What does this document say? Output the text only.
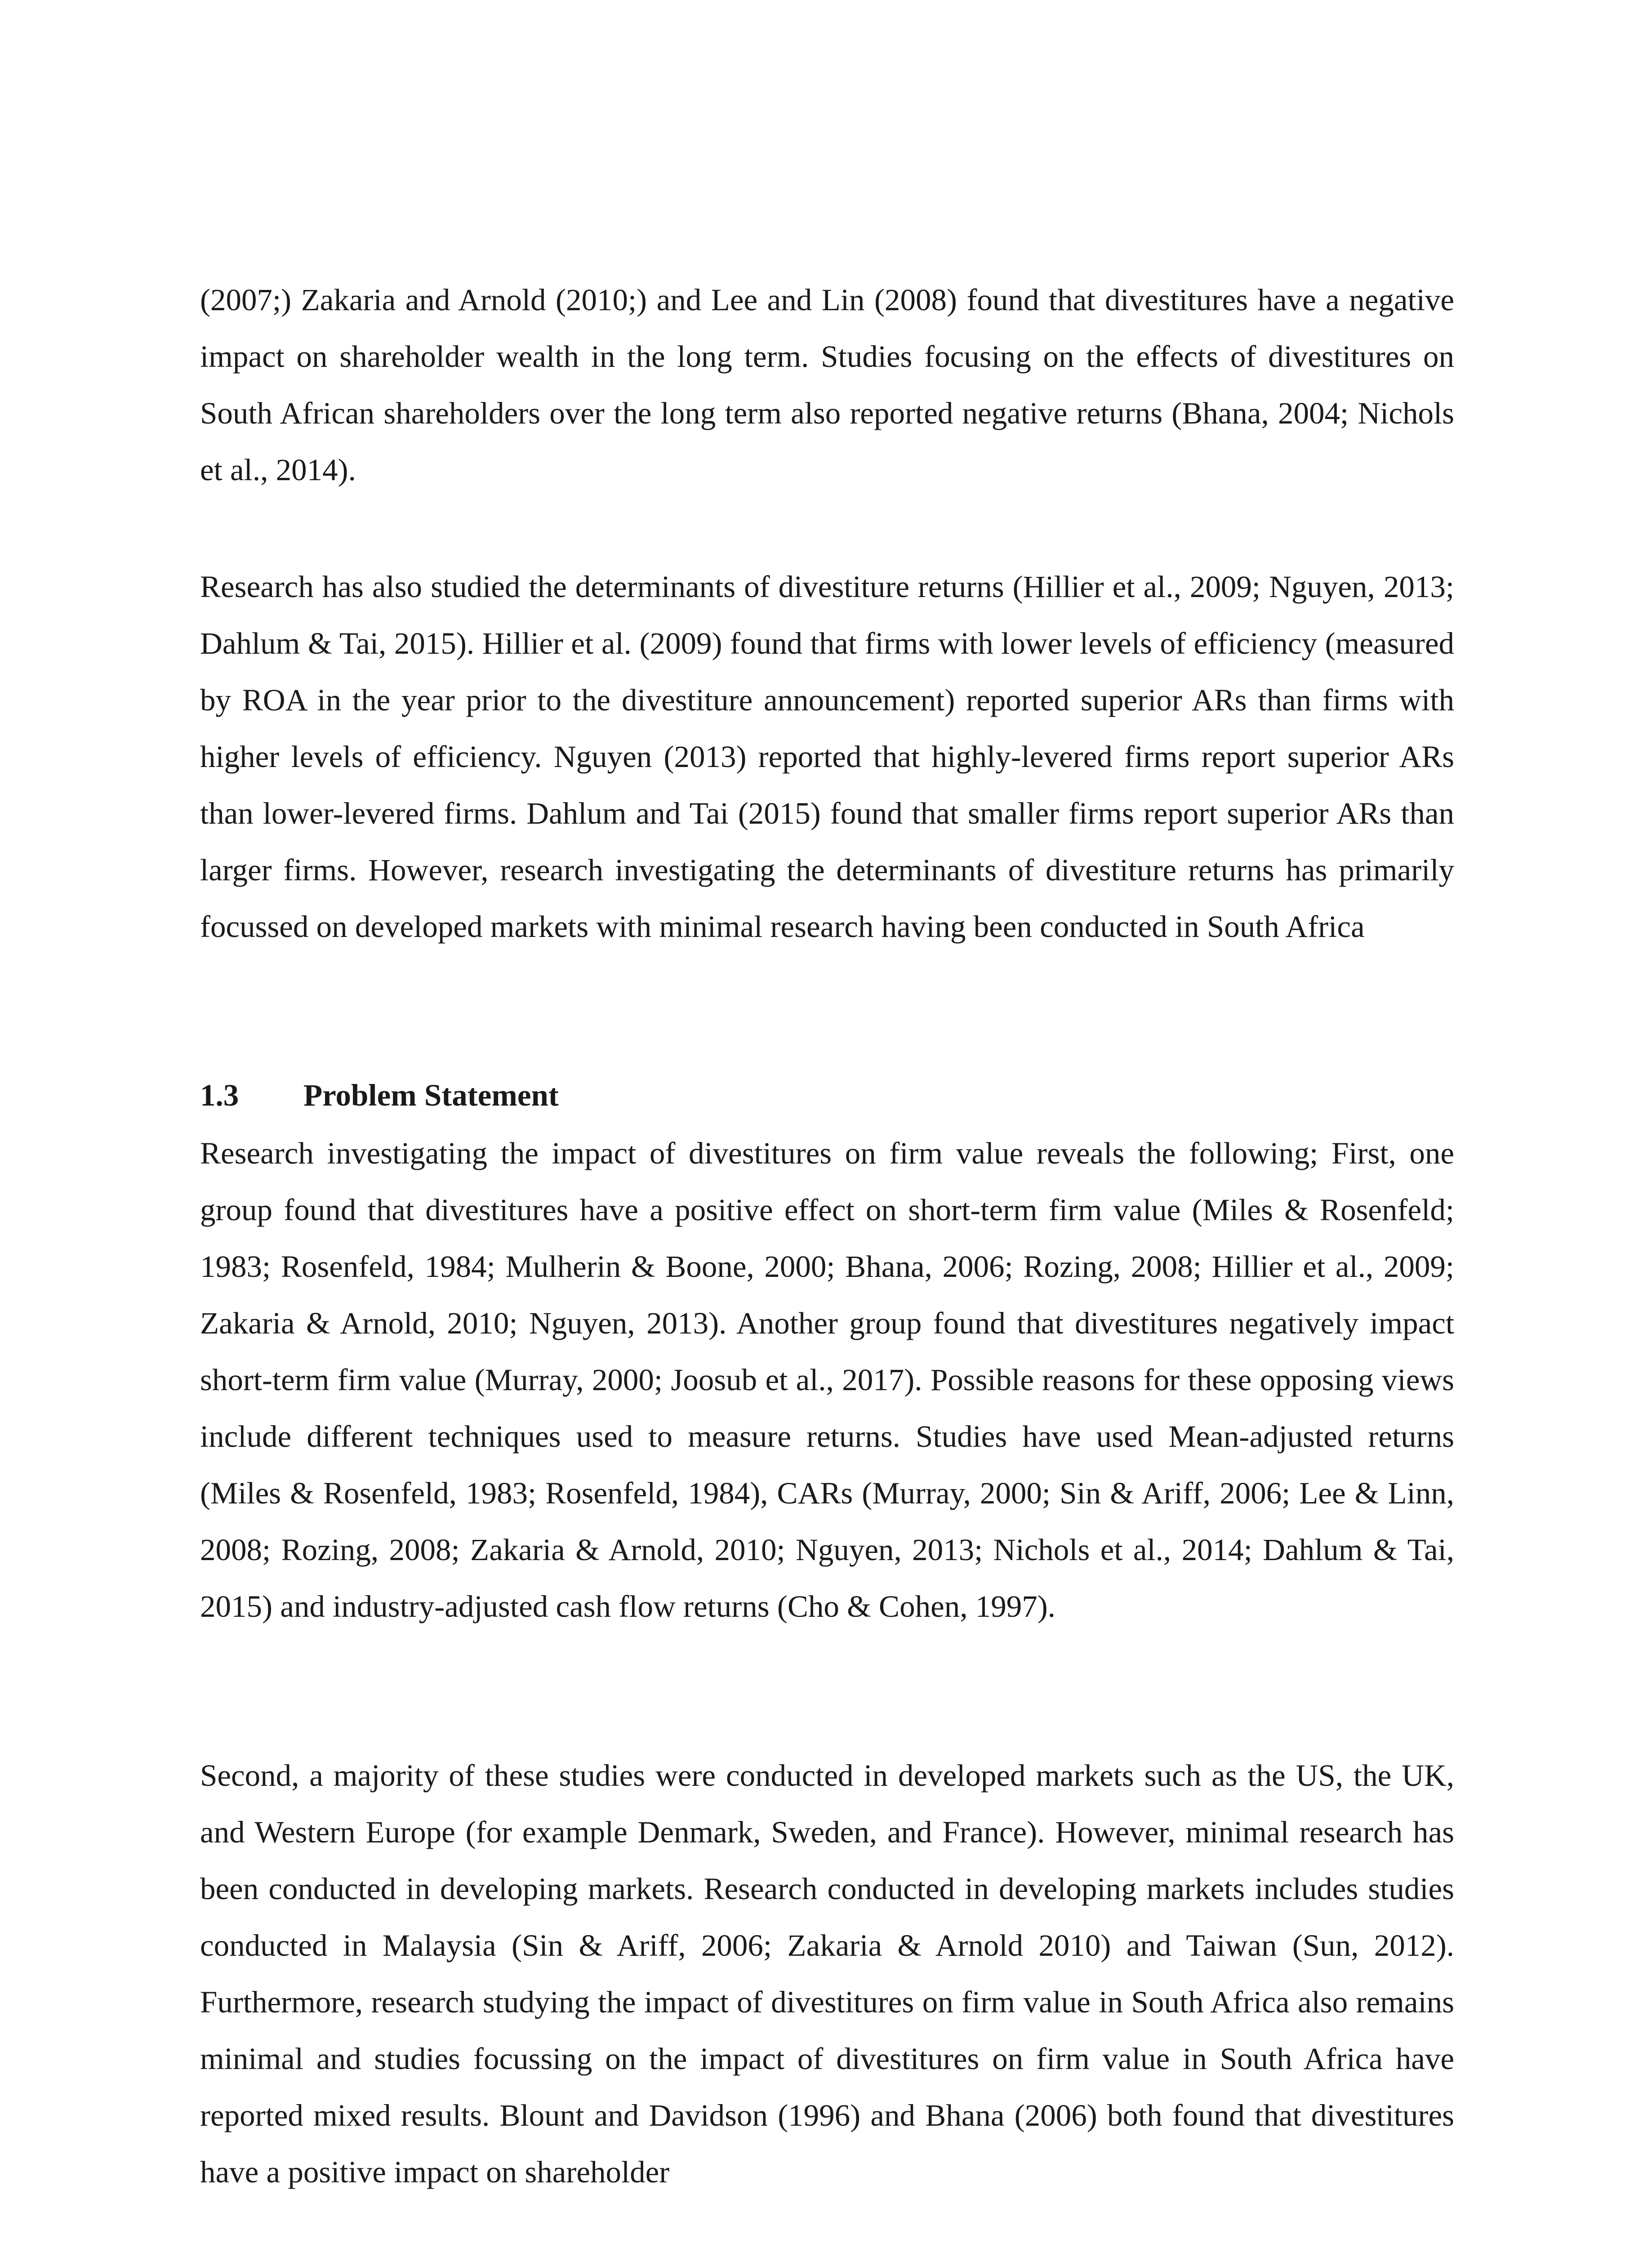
(2007;) Zakaria and Arnold (2010;) and Lee and Lin (2008) found that divestitures have a negative impact on shareholder wealth in the long term. Studies focusing on the effects of divestitures on South African shareholders over the long term also reported negative returns (Bhana, 2004; Nichols et al., 2014).

Research has also studied the determinants of divestiture returns (Hillier et al., 2009; Nguyen, 2013; Dahlum & Tai, 2015). Hillier et al. (2009) found that firms with lower levels of efficiency (measured by ROA in the year prior to the divestiture announcement) reported superior ARs than firms with higher levels of efficiency. Nguyen (2013) reported that highly-levered firms report superior ARs than lower-levered firms. Dahlum and Tai (2015) found that smaller firms report superior ARs than larger firms. However, research investigating the determinants of divestiture returns has primarily focussed on developed markets with minimal research having been conducted in South Africa

1.3 Problem Statement

Research investigating the impact of divestitures on firm value reveals the following; First, one group found that divestitures have a positive effect on short-term firm value (Miles & Rosenfeld; 1983; Rosenfeld, 1984; Mulherin & Boone, 2000; Bhana, 2006; Rozing, 2008; Hillier et al., 2009; Zakaria & Arnold, 2010; Nguyen, 2013). Another group found that divestitures negatively impact short-term firm value (Murray, 2000; Joosub et al., 2017). Possible reasons for these opposing views include different techniques used to measure returns. Studies have used Mean-adjusted returns (Miles & Rosenfeld, 1983; Rosenfeld, 1984), CARs (Murray, 2000; Sin & Ariff, 2006; Lee & Linn, 2008; Rozing, 2008; Zakaria & Arnold, 2010; Nguyen, 2013; Nichols et al., 2014; Dahlum & Tai, 2015) and industry-adjusted cash flow returns (Cho & Cohen, 1997).

Second, a majority of these studies were conducted in developed markets such as the US, the UK, and Western Europe (for example Denmark, Sweden, and France). However, minimal research has been conducted in developing markets. Research conducted in developing markets includes studies conducted in Malaysia (Sin & Ariff, 2006; Zakaria & Arnold 2010) and Taiwan (Sun, 2012). Furthermore, research studying the impact of divestitures on firm value in South Africa also remains minimal and studies focussing on the impact of divestitures on firm value in South Africa have reported mixed results. Blount and Davidson (1996) and Bhana (2006) both found that divestitures have a positive impact on shareholder
